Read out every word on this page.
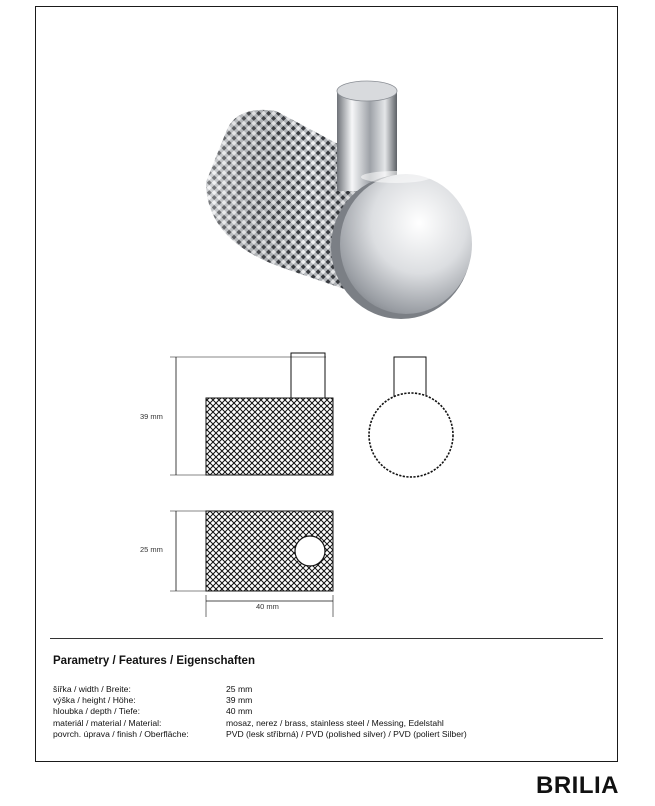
39 mm
25 mm
40 mm
Parametry / Features / Eigenschaften
šířka / width / Breite:	25 mm
výška / height / Höhe:	39 mm
hloubka / depth / Tiefe:	40 mm
materiál / material / Material:	mosaz, nerez / brass, stainless steel / Messing, Edelstahl
povrch. úprava / finish / Oberfläche:	PVD (lesk stříbrná) / PVD (polished silver) / PVD (poliert Silber)
BRILIA
